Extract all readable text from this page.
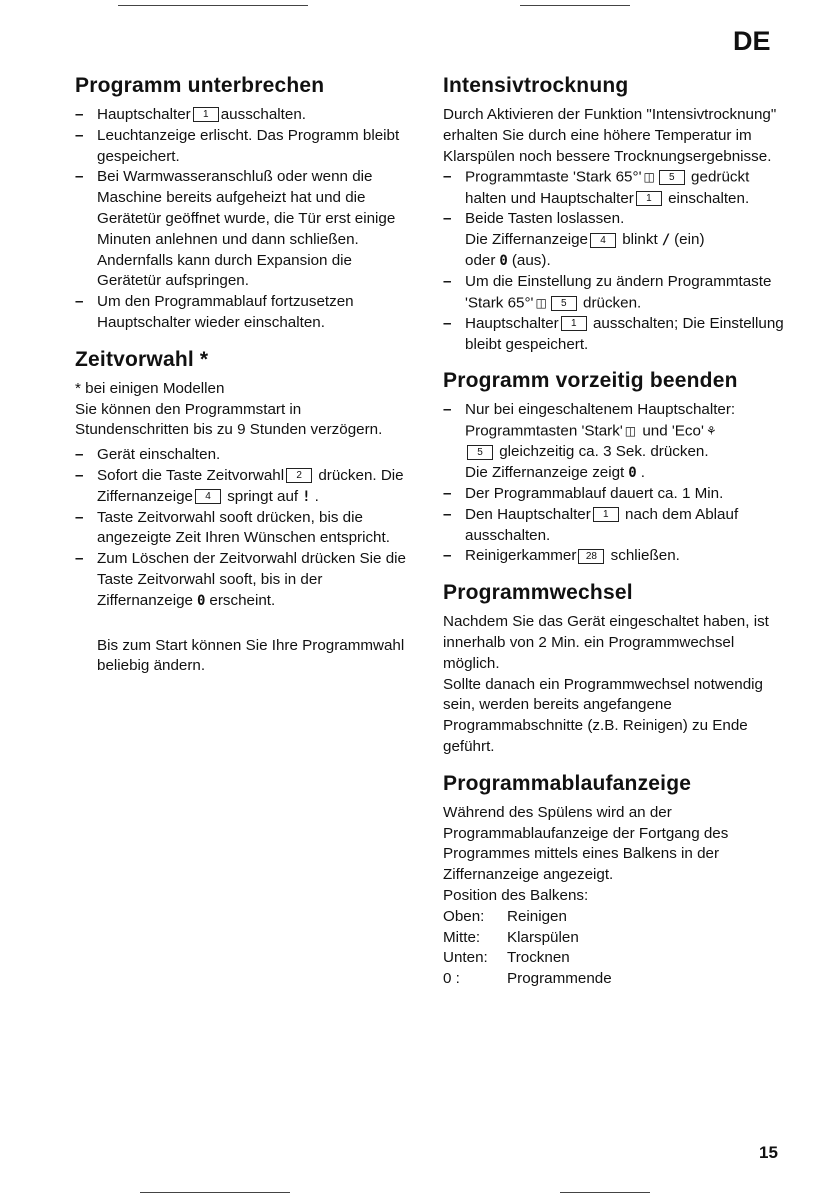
DE
Programm unterbrechen
– Hauptschalter 1 ausschalten.
– Leuchtanzeige erlischt. Das Programm bleibt gespeichert.

– Bei Warmwasseranschluß oder wenn die Maschine bereits aufgeheizt hat und die Gerätetür geöffnet wurde, die Tür erst einige Minuten anlehnen und dann schließen.

Andernfalls kann durch Expansion die Gerätetür aufspringen.

– Um den Programmablauf fortzusetzen Hauptschalter wieder einschalten.
Zeitvorwahl *

* bei einigen Modellen

Sie können den Programmstart in Stundenschritten bis zu 9 Stunden verzögern.

– Gerät einschalten.
– Sofort die Taste Zeitvorwahl 2 drücken. Die Ziffernanzeige 4 springt auf ! .
– Taste Zeitvorwahl sooft drücken, bis die angezeigte Zeit Ihren Wünschen entspricht.
– Zum Löschen der Zeitvorwahl drücken Sie die Taste Zeitvorwahl sooft, bis in der Ziffernanzeige 0 erscheint.

Bis zum Start können Sie Ihre Programmwahl beliebig ändern.

Intensivtrocknung

Durch Aktivieren der Funktion "Intensivtrocknung" erhalten Sie durch eine höhere Temperatur im Klarspülen noch bessere Trocknungsergebnisse.

– Programmtaste 'Stark 65°' ◫ 5 gedrückt halten und Hauptschalter 1 einschalten.
– Beide Tasten loslassen.
Die Ziffernanzeige 4 blinkt / (ein) oder 0 (aus).
– Um die Einstellung zu ändern Programmtaste 'Stark 65°' ◫ 5 drücken.
– Hauptschalter 1 ausschalten; Die Einstellung bleibt gespeichert.
Programm vorzeitig beenden
– Nur bei eingeschaltenem Hauptschalter:
Programmtasten 'Stark' ◫ und 'Eco' ⚘
5 gleichzeitig ca. 3 Sek. drücken.
Die Ziffernanzeige zeigt 0 .
– Der Programmablauf dauert ca. 1 Min.
– Den Hauptschalter 1 nach dem Ablauf ausschalten.
– Reinigerkammer 28 schließen.
Programmwechsel

Nachdem Sie das Gerät eingeschaltet haben, ist innerhalb von 2 Min. ein Programmwechsel möglich.

Sollte danach ein Programmwechsel notwendig sein, werden bereits angefangene Programmabschnitte (z.B. Reinigen) zu Ende geführt.

Programmablaufanzeige

Während des Spülens wird an der Programmablaufanzeige der Fortgang des Programmes mittels eines Balkens in der Ziffernanzeige angezeigt.

Position des Balkens:

Oben: Reinigen
Mitte: Klarspülen
Unten: Trocknen
0 :	Programmende
15
